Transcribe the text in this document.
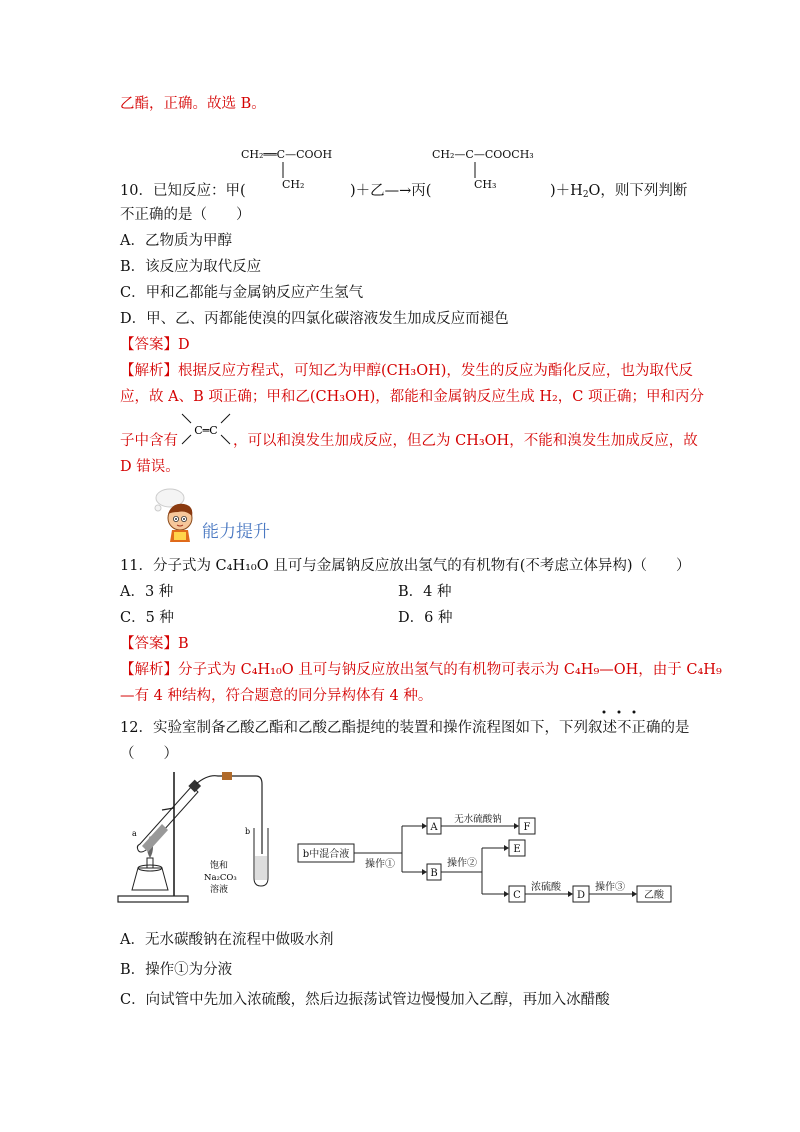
乙酯，正确。故选 B。
CH₂══C—COOH
CH₂
CH₂—C—COOCH₃
CH₃
10．已知反应：甲(	)＋乙—→丙(	)$+H_2O$，则下列判断
不正确的是（　　）
A．乙物质为甲醇
B．该反应为取代反应
C．甲和乙都能与金属钠反应产生氢气
D．甲、乙、丙都能使溴的四氯化碳溶液发生加成反应而褪色
【答案】D
【解析】根据反应方程式，可知乙为甲醇(CH₃OH)，发生的反应为酯化反应，也为取代反
应，故 A、B 项正确；甲和乙(CH₃OH)，都能和金属钠反应生成 H₂，C 项正确；甲和丙分
C═C
子中含有	，可以和溴发生加成反应，但乙为 CH₃OH，不能和溴发生加成反应，故
D 错误。
能力提升
11．分子式为 C₄H₁₀O 且可与金属钠反应放出氢气的有机物有(不考虑立体异构)（　　）
A．3 种	B．4 种
C．5 种	D．6 种
【答案】B
【解析】分子式为 C₄H₁₀O 且可与钠反应放出氢气的有机物可表示为 C₄H₉—OH，由于 C₄H₉
—有 4 种结构，符合题意的同分异构体有 4 种。
12．实验室制备乙酸乙酯和乙酸乙酯提纯的装置和操作流程图如下，下列叙述不正确的是
（　　）
a	b
饱和
Na₂CO₃
溶液
b中混合液
操作①
A
无水硫酸钠
F
B
操作②
E
C
浓硫酸
D
操作③
乙酸
A．无水碳酸钠在流程中做吸水剂
B．操作①为分液
C．向试管中先加入浓硫酸，然后边振荡试管边慢慢加入乙醇，再加入冰醋酸
